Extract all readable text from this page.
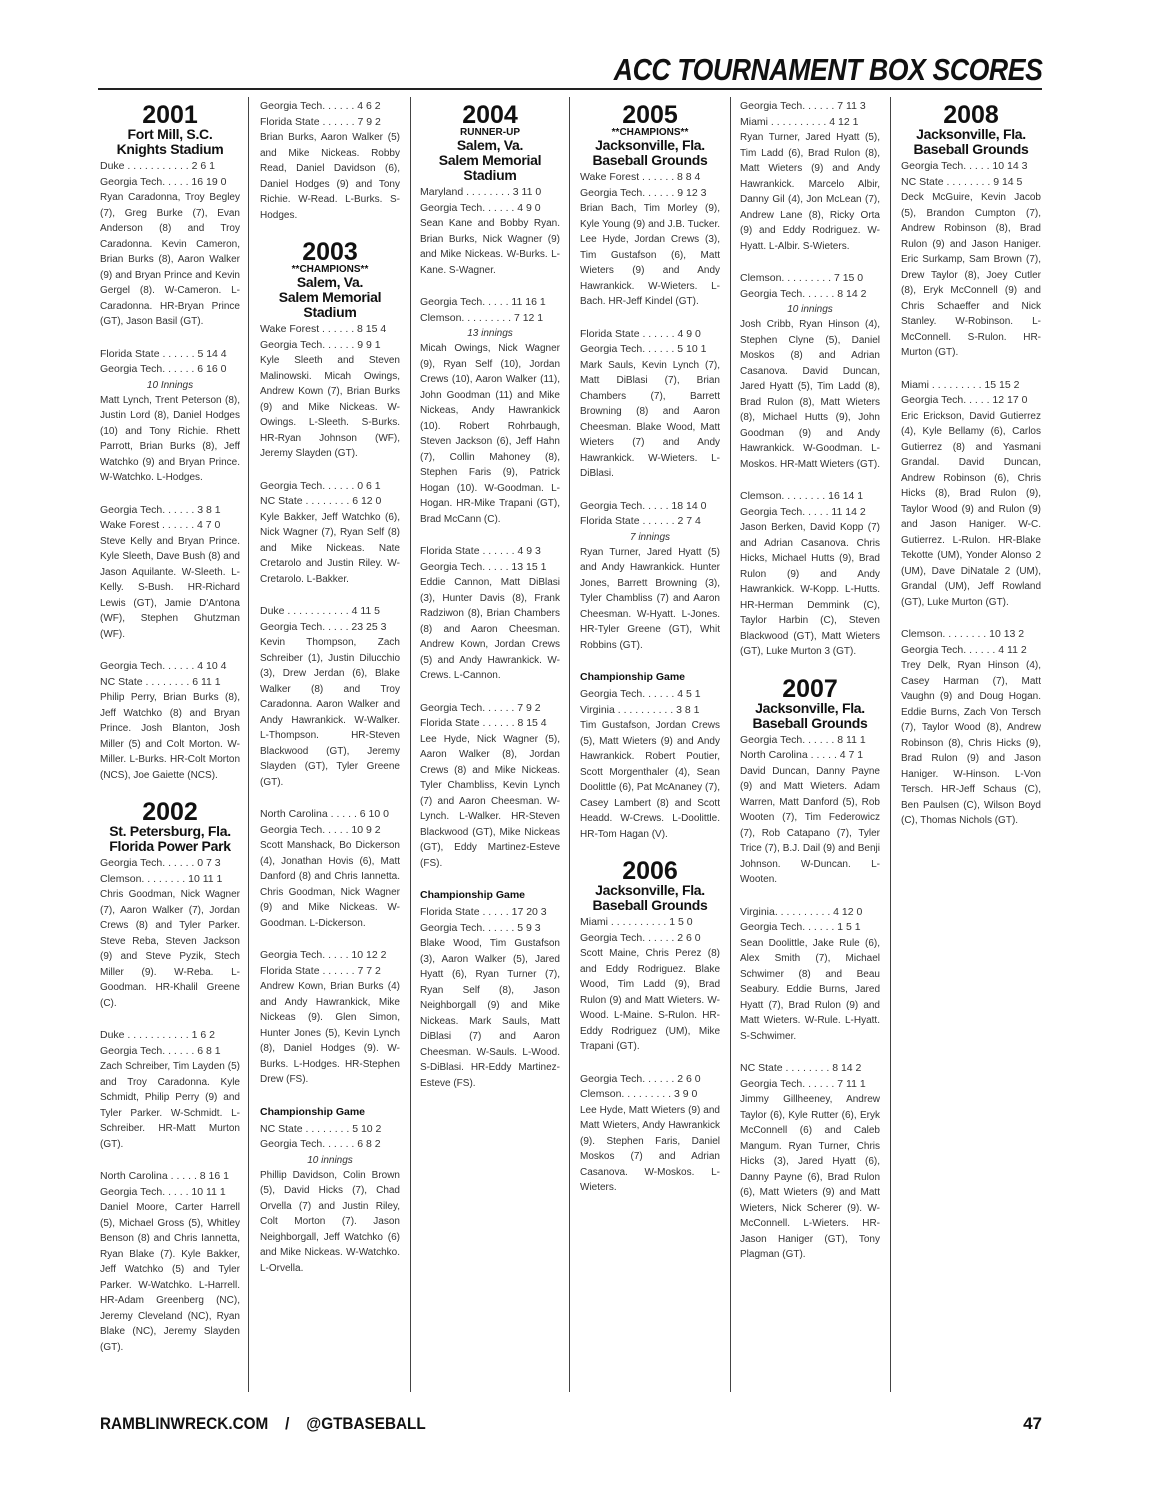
ACC TOURNAMENT BOX SCORES
2001
Fort Mill, S.C.
Knights Stadium
Duke . . . . . . . . . . . 2 6 1
Georgia Tech. . . . . 16 19 0
Ryan Caradonna, Troy Begley (7), Greg Burke (7), Evan Anderson (8) and Troy Caradonna. Kevin Cameron, Brian Burks (8), Aaron Walker (9) and Bryan Prince and Kevin Gergel (8). W-Cameron. L-Caradonna. HR-Bryan Prince (GT), Jason Basil (GT).
Florida State . . . . . . 5 14 4
Georgia Tech. . . . . . 6 16 0
10 Innings
Matt Lynch, Trent Peterson (8), Justin Lord (8), Daniel Hodges (10) and Tony Richie. Rhett Parrott, Brian Burks (8), Jeff Watchko (9) and Bryan Prince. W-Watchko. L-Hodges.
Georgia Tech. . . . . . 3 8 1
Wake Forest . . . . . . 4 7 0
Steve Kelly and Bryan Prince. Kyle Sleeth, Dave Bush (8) and Jason Aquilante. W-Sleeth. L-Kelly. S-Bush. HR-Richard Lewis (GT), Jamie D'Antona (WF), Stephen Ghutzman (WF).
Georgia Tech. . . . . . 4 10 4
NC State . . . . . . . . 6 11 1
Philip Perry, Brian Burks (8), Jeff Watchko (8) and Bryan Prince. Josh Blanton, Josh Miller (5) and Colt Morton. W-Miller. L-Burks. HR-Colt Morton (NCS), Joe Gaiette (NCS).
2002
St. Petersburg, Fla.
Florida Power Park
Georgia Tech. . . . . . 0 7 3
Clemson. . . . . . . . 10 11 1
Chris Goodman, Nick Wagner (7), Aaron Walker (7), Jordan Crews (8) and Tyler Parker. Steve Reba, Steven Jackson (9) and Steve Pyzik, Stech Miller (9). W-Reba. L-Goodman. HR-Khalil Greene (C).
Duke . . . . . . . . . . . 1 6 2
Georgia Tech. . . . . . 6 8 1
Zach Schreiber, Tim Layden (5) and Troy Caradonna. Kyle Schmidt, Philip Perry (9) and Tyler Parker. W-Schmidt. L-Schreiber. HR-Matt Murton (GT).
North Carolina . . . . . 8 16 1
Georgia Tech. . . . . 10 11 1
Daniel Moore, Carter Harrell (5), Michael Gross (5), Whitley Benson (8) and Chris Iannetta, Ryan Blake (7). Kyle Bakker, Jeff Watchko (5) and Tyler Parker. W-Watchko. L-Harrell. HR-Adam Greenberg (NC), Jeremy Cleveland (NC), Ryan Blake (NC), Jeremy Slayden (GT).
Georgia Tech. . . . . . 4 6 2
Florida State . . . . . . 7 9 2
Brian Burks, Aaron Walker (5) and Mike Nickeas. Robby Read, Daniel Davidson (6), Daniel Hodges (9) and Tony Richie. W-Read. L-Burks. S-Hodges.
2003
**CHAMPIONS**
Salem, Va.
Salem Memorial Stadium
Wake Forest . . . . . . 8 15 4
Georgia Tech. . . . . . 9 9 1
Kyle Sleeth and Steven Malinowski. Micah Owings, Andrew Kown (7), Brian Burks (9) and Mike Nickeas. W-Owings. L-Sleeth. S-Burks. HR-Ryan Johnson (WF), Jeremy Slayden (GT).
Georgia Tech. . . . . . 0 6 1
NC State . . . . . . . . 6 12 0
Kyle Bakker, Jeff Watchko (6), Nick Wagner (7), Ryan Self (8) and Mike Nickeas. Nate Cretarolo and Justin Riley. W-Cretarolo. L-Bakker.
Duke . . . . . . . . . . . 4 11 5
Georgia Tech. . . . . 23 25 3
Kevin Thompson, Zach Schreiber (1), Justin Dilucchio (3), Drew Jerdan (6), Blake Walker (8) and Troy Caradonna. Aaron Walker and Andy Hawrankick. W-Walker. L-Thompson. HR-Steven Blackwood (GT), Jeremy Slayden (GT), Tyler Greene (GT).
North Carolina . . . . . 6 10 0
Georgia Tech. . . . . 10 9 2
Scott Manshack, Bo Dickerson (4), Jonathan Hovis (6), Matt Danford (8) and Chris Iannetta. Chris Goodman, Nick Wagner (9) and Mike Nickeas. W-Goodman. L-Dickerson.
Georgia Tech. . . . . 10 12 2
Florida State . . . . . . 7 7 2
Andrew Kown, Brian Burks (4) and Andy Hawrankick, Mike Nickeas (9). Glen Simon, Hunter Jones (5), Kevin Lynch (8), Daniel Hodges (9). W-Burks. L-Hodges. HR-Stephen Drew (FS).
Championship Game
NC State . . . . . . . . 5 10 2
Georgia Tech. . . . . . 6 8 2
10 innings
Phillip Davidson, Colin Brown (5), David Hicks (7), Chad Orvella (7) and Justin Riley, Colt Morton (7). Jason Neighborgall, Jeff Watchko (6) and Mike Nickeas. W-Watchko. L-Orvella.
2004
RUNNER-UP
Salem, Va.
Salem Memorial Stadium
Maryland . . . . . . . . 3 11 0
Georgia Tech. . . . . . 4 9 0
Sean Kane and Bobby Ryan. Brian Burks, Nick Wagner (9) and Mike Nickeas. W-Burks. L-Kane. S-Wagner.
Georgia Tech. . . . . 11 16 1
Clemson. . . . . . . . . 7 12 1
13 innings
Micah Owings, Nick Wagner (9), Ryan Self (10), Jordan Crews (10), Aaron Walker (11), John Goodman (11) and Mike Nickeas, Andy Hawrankick (10). Robert Rohrbaugh, Steven Jackson (6), Jeff Hahn (7), Collin Mahoney (8), Stephen Faris (9), Patrick Hogan (10). W-Goodman. L-Hogan. HR-Mike Trapani (GT), Brad McCann (C).
Florida State . . . . . . 4 9 3
Georgia Tech. . . . . 13 15 1
Eddie Cannon, Matt DiBlasi (3), Hunter Davis (8), Frank Radziwon (8), Brian Chambers (8) and Aaron Cheesman. Andrew Kown, Jordan Crews (5) and Andy Hawrankick. W-Crews. L-Cannon.
Georgia Tech. . . . . . 7 9 2
Florida State . . . . . . 8 15 4
Lee Hyde, Nick Wagner (5), Aaron Walker (8), Jordan Crews (8) and Mike Nickeas. Tyler Chambliss, Kevin Lynch (7) and Aaron Cheesman. W-Lynch. L-Walker. HR-Steven Blackwood (GT), Mike Nickeas (GT), Eddy Martinez-Esteve (FS).
Championship Game
Florida State . . . . . 17 20 3
Georgia Tech. . . . . . 5 9 3
Blake Wood, Tim Gustafson (3), Aaron Walker (5), Jared Hyatt (6), Ryan Turner (7), Ryan Self (8), Jason Neighborgall (9) and Mike Nickeas. Mark Sauls, Matt DiBlasi (7) and Aaron Cheesman. W-Sauls. L-Wood. S-DiBlasi. HR-Eddy Martinez-Esteve (FS).
2005
**CHAMPIONS**
Jacksonville, Fla.
Baseball Grounds
Wake Forest . . . . . . 8 8 4
Georgia Tech. . . . . . 9 12 3
Brian Bach, Tim Morley (9), Kyle Young (9) and J.B. Tucker. Lee Hyde, Jordan Crews (3), Tim Gustafson (6), Matt Wieters (9) and Andy Hawrankick. W-Wieters. L-Bach. HR-Jeff Kindel (GT).
Florida State . . . . . . 4 9 0
Georgia Tech. . . . . . 5 10 1
Mark Sauls, Kevin Lynch (7), Matt DiBlasi (7), Brian Chambers (7), Barrett Browning (8) and Aaron Cheesman. Blake Wood, Matt Wieters (7) and Andy Hawrankick. W-Wieters. L-DiBlasi.
Georgia Tech. . . . . 18 14 0
Florida State . . . . . . 2 7 4
7 innings
Ryan Turner, Jared Hyatt (5) and Andy Hawrankick. Hunter Jones, Barrett Browning (3), Tyler Chambliss (7) and Aaron Cheesman. W-Hyatt. L-Jones. HR-Tyler Greene (GT), Whit Robbins (GT).
Championship Game
Georgia Tech. . . . . . 4 5 1
Virginia . . . . . . . . . . 3 8 1
Tim Gustafson, Jordan Crews (5), Matt Wieters (9) and Andy Hawrankick. Robert Poutier, Scott Morgenthaler (4), Sean Doolittle (6), Pat McAnaney (7), Casey Lambert (8) and Scott Headd. W-Crews. L-Doolittle. HR-Tom Hagan (V).
2006
Jacksonville, Fla.
Baseball Grounds
Miami . . . . . . . . . . 1 5 0
Georgia Tech. . . . . . 2 6 0
Scott Maine, Chris Perez (8) and Eddy Rodriguez. Blake Wood, Tim Ladd (9), Brad Rulon (9) and Matt Wieters. W-Wood. L-Maine. S-Rulon. HR-Eddy Rodriguez (UM), Mike Trapani (GT).
Georgia Tech. . . . . . 2 6 0
Clemson. . . . . . . . . 3 9 0
Lee Hyde, Matt Wieters (9) and Matt Wieters, Andy Hawrankick (9). Stephen Faris, Daniel Moskos (7) and Adrian Casanova. W-Moskos. L-Wieters.
Georgia Tech. . . . . . 7 11 3
Miami . . . . . . . . . . 4 12 1
Ryan Turner, Jared Hyatt (5), Tim Ladd (6), Brad Rulon (8), Matt Wieters (9) and Andy Hawrankick. Marcelo Albir, Danny Gil (4), Jon McLean (7), Andrew Lane (8), Ricky Orta (9) and Eddy Rodriguez. W-Hyatt. L-Albir. S-Wieters.
Clemson. . . . . . . . . 7 15 0
Georgia Tech. . . . . . 8 14 2
10 innings
Josh Cribb, Ryan Hinson (4), Stephen Clyne (5), Daniel Moskos (8) and Adrian Casanova. David Duncan, Jared Hyatt (5), Tim Ladd (8), Brad Rulon (8), Matt Wieters (8), Michael Hutts (9), John Goodman (9) and Andy Hawrankick. W-Goodman. L-Moskos. HR-Matt Wieters (GT).
Clemson. . . . . . . . 16 14 1
Georgia Tech. . . . . 11 14 2
Jason Berken, David Kopp (7) and Adrian Casanova. Chris Hicks, Michael Hutts (9), Brad Rulon (9) and Andy Hawrankick. W-Kopp. L-Hutts. HR-Herman Demmink (C), Taylor Harbin (C), Steven Blackwood (GT), Matt Wieters (GT), Luke Murton 3 (GT).
2007
Jacksonville, Fla.
Baseball Grounds
Georgia Tech. . . . . . 8 11 1
North Carolina . . . . . 4 7 1
David Duncan, Danny Payne (9) and Matt Wieters. Adam Warren, Matt Danford (5), Rob Wooten (7), Tim Federowicz (7), Rob Catapano (7), Tyler Trice (7), B.J. Dail (9) and Benji Johnson. W-Duncan. L-Wooten.
Virginia. . . . . . . . . . 4 12 0
Georgia Tech. . . . . . 1 5 1
Sean Doolittle, Jake Rule (6), Alex Smith (7), Michael Schwimer (8) and Beau Seabury. Eddie Burns, Jared Hyatt (7), Brad Rulon (9) and Matt Wieters. W-Rule. L-Hyatt. S-Schwimer.
NC State . . . . . . . . 8 14 2
Georgia Tech. . . . . . 7 11 1
Jimmy Gillheeney, Andrew Taylor (6), Kyle Rutter (6), Eryk McConnell (6) and Caleb Mangum. Ryan Turner, Chris Hicks (3), Jared Hyatt (6), Danny Payne (6), Brad Rulon (6), Matt Wieters (9) and Matt Wieters, Nick Scherer (9). W-McConnell. L-Wieters. HR-Jason Haniger (GT), Tony Plagman (GT).
2008
Jacksonville, Fla.
Baseball Grounds
Georgia Tech. . . . . 10 14 3
NC State . . . . . . . . 9 14 5
Deck McGuire, Kevin Jacob (5), Brandon Cumpton (7), Andrew Robinson (8), Brad Rulon (9) and Jason Haniger. Eric Surkamp, Sam Brown (7), Drew Taylor (8), Joey Cutler (8), Eryk McConnell (9) and Chris Schaeffer and Nick Stanley. W-Robinson. L-McConnell. S-Rulon. HR-Murton (GT).
Miami . . . . . . . . . 15 15 2
Georgia Tech. . . . . 12 17 0
Eric Erickson, David Gutierrez (4), Kyle Bellamy (6), Carlos Gutierrez (8) and Yasmani Grandal. David Duncan, Andrew Robinson (6), Chris Hicks (8), Brad Rulon (9), Taylor Wood (9) and Rulon (9) and Jason Haniger. W-C. Gutierrez. L-Rulon. HR-Blake Tekotte (UM), Yonder Alonso 2 (UM), Dave DiNatale 2 (UM), Grandal (UM), Jeff Rowland (GT), Luke Murton (GT).
Clemson. . . . . . . . 10 13 2
Georgia Tech. . . . . . 4 11 2
Trey Delk, Ryan Hinson (4), Casey Harman (7), Matt Vaughn (9) and Doug Hogan. Eddie Burns, Zach Von Tersch (7), Taylor Wood (8), Andrew Robinson (8), Chris Hicks (9), Brad Rulon (9) and Jason Haniger. W-Hinson. L-Von Tersch. HR-Jeff Schaus (C), Ben Paulsen (C), Wilson Boyd (C), Thomas Nichols (GT).
RAMBLINWRECK.COM / @GTBASEBALL	47
